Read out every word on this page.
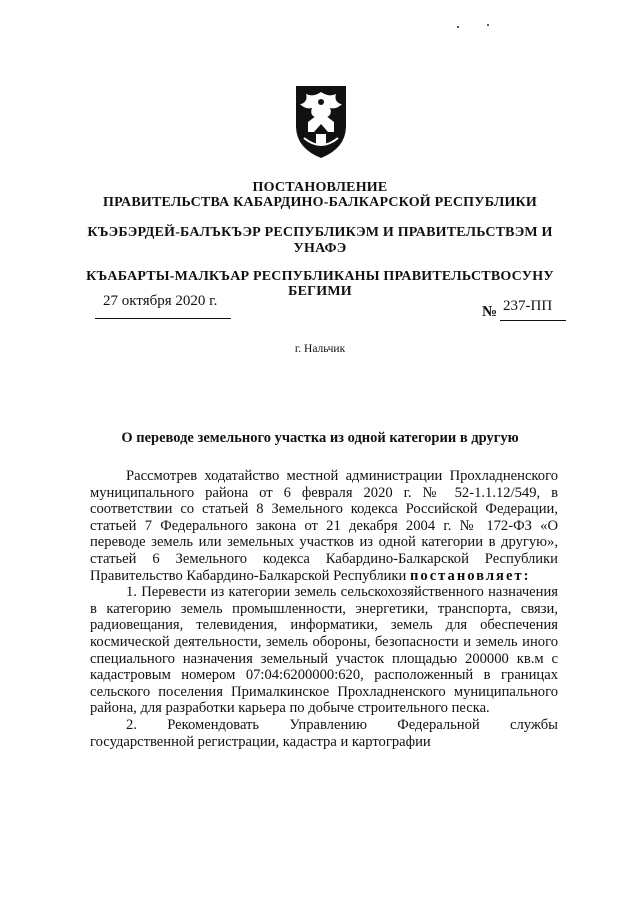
ПОСТАНОВЛЕНИЕ
ПРАВИТЕЛЬСТВА КАБАРДИНО-БАЛКАРСКОЙ РЕСПУБЛИКИ
КЪЭБЭРДЕЙ-БАЛЪКЪЭР РЕСПУБЛИКЭМ И ПРАВИТЕЛЬСТВЭМ И
УНАФЭ
КЪАБАРТЫ-МАЛКЪАР РЕСПУБЛИКАНЫ ПРАВИТЕЛЬСТВОСУНУ
БЕГИМИ
27 октября 2020 г.
№ 237-ПП
г. Нальчик
О переводе земельного участка из одной категории в другую

Рассмотрев ходатайство местной администрации Прохладненского муниципального района от 6 февраля 2020 г. № 52-1.1.12/549, в соответствии со статьей 8 Земельного кодекса Российской Федерации, статьей 7 Федерального закона от 21 декабря 2004 г. № 172-ФЗ «О переводе земель или земельных участков из одной категории в другую», статьей 6 Земельного кодекса Кабардино-Балкарской Республики Правительство Кабардино-Балкарской Республики постановляет:

1. Перевести из категории земель сельскохозяйственного назначения в категорию земель промышленности, энергетики, транспорта, связи, радиовещания, телевидения, информатики, земель для обеспечения космической деятельности, земель обороны, безопасности и земель иного специального назначения земельный участок площадью 200000 кв.м с кадастровым номером 07:04:6200000:620, расположенный в границах сельского поселения Прималкинское Прохладненского муниципального района, для разработки карьера по добыче строительного песка.

2. Рекомендовать Управлению Федеральной службы государственной регистрации, кадастра и картографии
